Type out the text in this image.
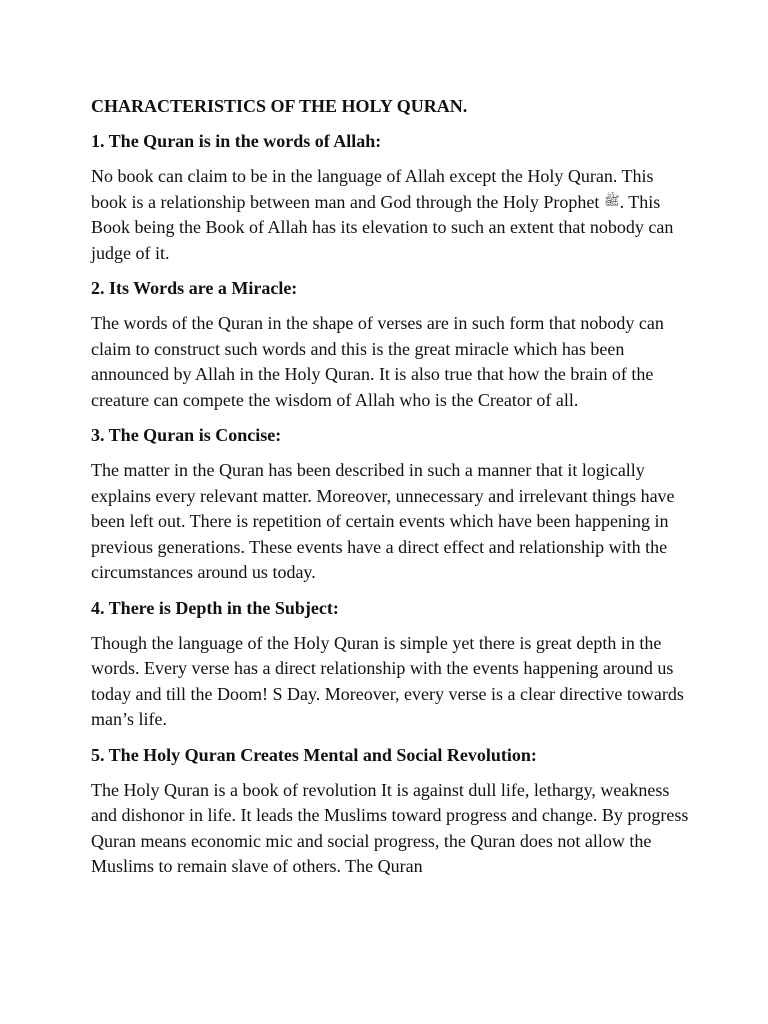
CHARACTERISTICS OF THE HOLY QURAN.
1. The Quran is in the words of Allah:
No book can claim to be in the language of Allah except the Holy Quran. This book is a relationship between man and God through the Holy Prophet ﷺ. This Book being the Book of Allah has its elevation to such an extent that nobody can judge of it.
2. Its Words are a Miracle:
The words of the Quran in the shape of verses are in such form that nobody can claim to construct such words and this is the great miracle which has been announced by Allah in the Holy Quran. It is also true that how the brain of the creature can compete the wisdom of Allah who is the Creator of all.
3. The Quran is Concise:
The matter in the Quran has been described in such a manner that it logically explains every relevant matter. Moreover, unnecessary and irrelevant things have been left out. There is repetition of certain events which have been happening in previous generations. These events have a direct effect and relationship with the circumstances around us today.
4. There is Depth in the Subject:
Though the language of the Holy Quran is simple yet there is great depth in the words. Every verse has a direct relationship with the events happening around us today and till the Doom! S Day. Moreover, every verse is a clear directive towards man’s life.
5. The Holy Quran Creates Mental and Social Revolution:
The Holy Quran is a book of revolution It is against dull life, lethargy, weakness and dishonor in life. It leads the Muslims toward progress and change. By progress Quran means economic mic and social progress, the Quran does not allow the Muslims to remain slave of others. The Quran
